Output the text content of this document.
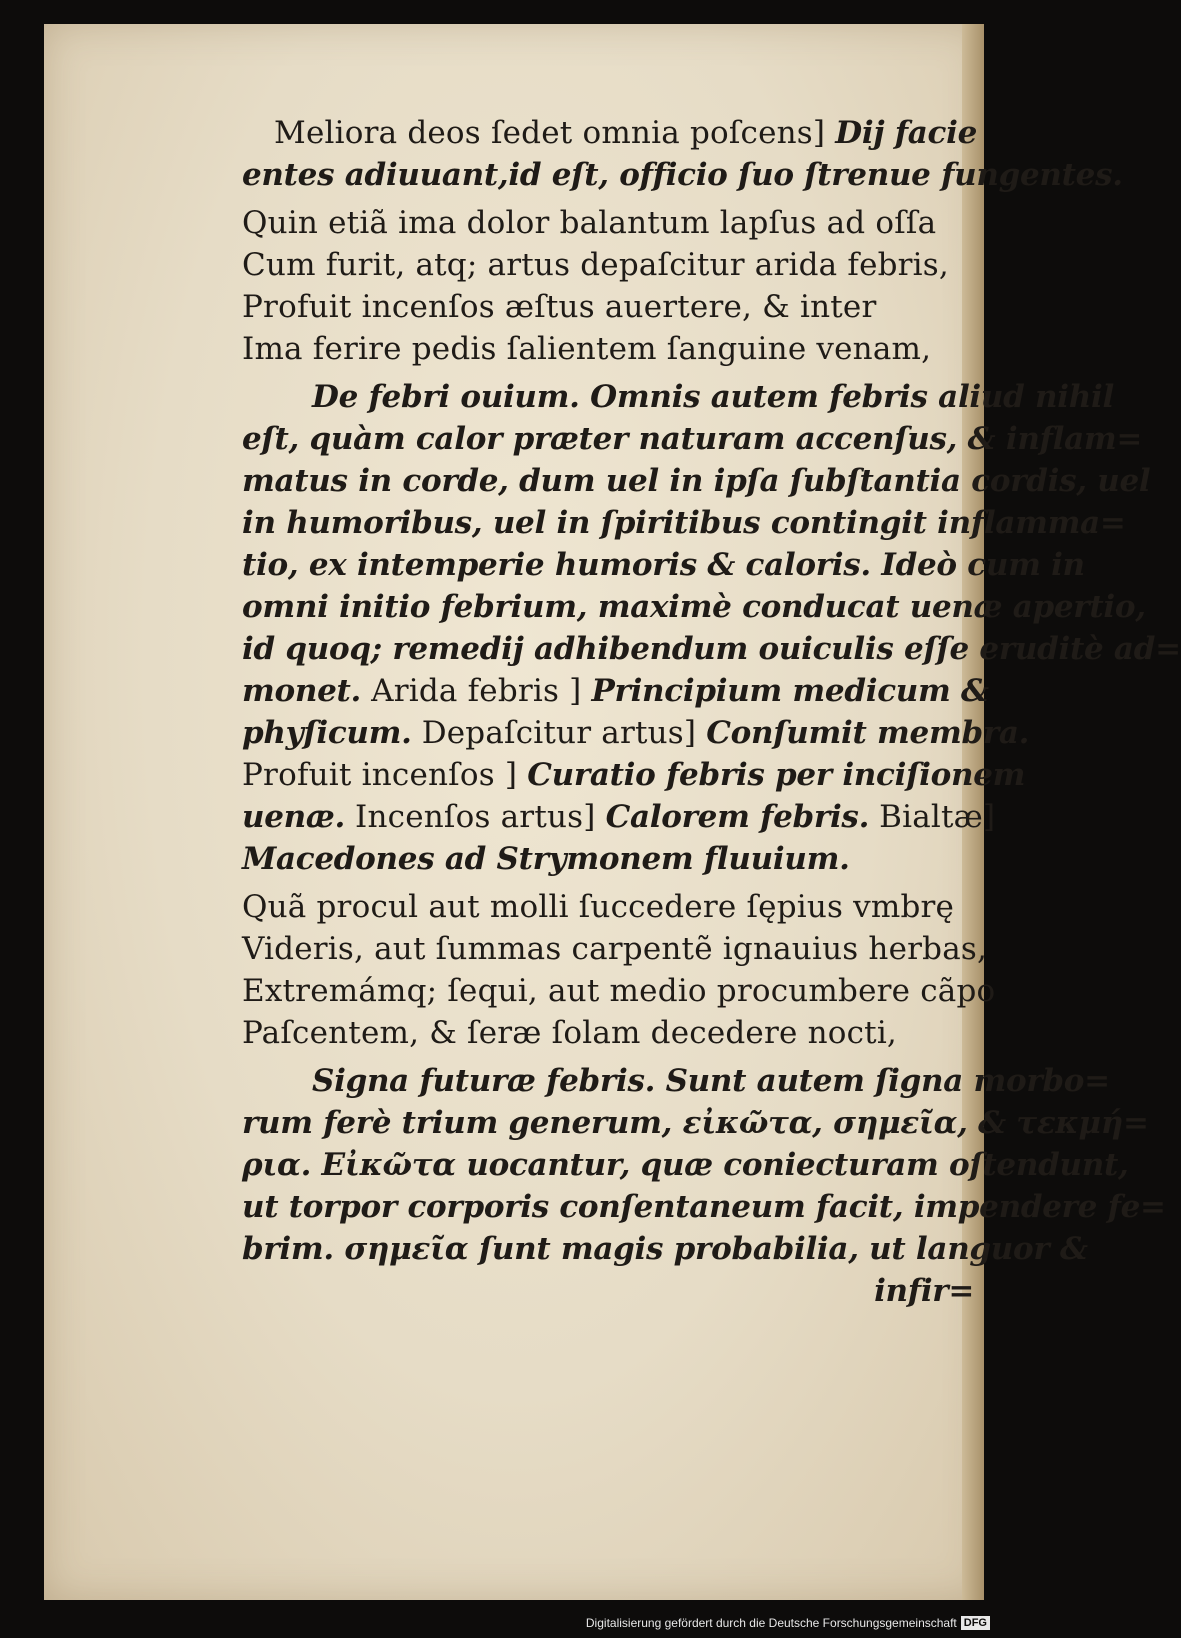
Meliora deos ſedet omnia poſcens] Dij facie
entes adiuuant,id eſt, officio ſuo ſtrenue fungentes.
Quin etiã ima dolor balantum lapſus ad oſſa
Cum furit, atq; artus depaſcitur arida febris,
Profuit incenſos æſtus auertere, & inter
Ima ferire pedis ſalientem ſanguine venam,
De febri ouium. Omnis autem febris aliud nihil
eſt, quàm calor præter naturam accenſus, & inflam=
matus in corde, dum uel in ipſa ſubſtantia cordis, uel
in humoribus, uel in ſpiritibus contingit inflamma=
tio, ex intemperie humoris & caloris. Ideò cum in
omni initio febrium, maximè conducat uenæ apertio,
id quoq; remedij adhibendum ouiculis eſſe eruditè ad=
monet. Arida febris ] Principium medicum &
phyſicum. Depaſcitur artus] Conſumit membra.
Profuit incenſos ] Curatio febris per inciſionem
uenæ. Incenſos artus] Calorem febris. Bialtæ]
Macedones ad Strymonem fluuium.
Quã procul aut molli ſuccedere ſępius vmbrę
Videris, aut ſummas carpentẽ ignauius herbas,
Extremámq; ſequi, aut medio procumbere cãpo
Paſcentem, & ſeræ ſolam decedere nocti,
Signa futuræ febris. Sunt autem ſigna morbo=
rum ferè trium generum, εἰκῶτα, σημεῖα, & τεκμή=
ρια. Εἰκῶτα uocantur, quæ coniecturam oſtendunt,
ut torpor corporis conſentaneum facit, impendere fe=
brim. σημεῖα ſunt magis probabilia, ut languor &
infir=
Digitalisierung gefördert durch die Deutsche Forschungsgemeinschaft DFG
